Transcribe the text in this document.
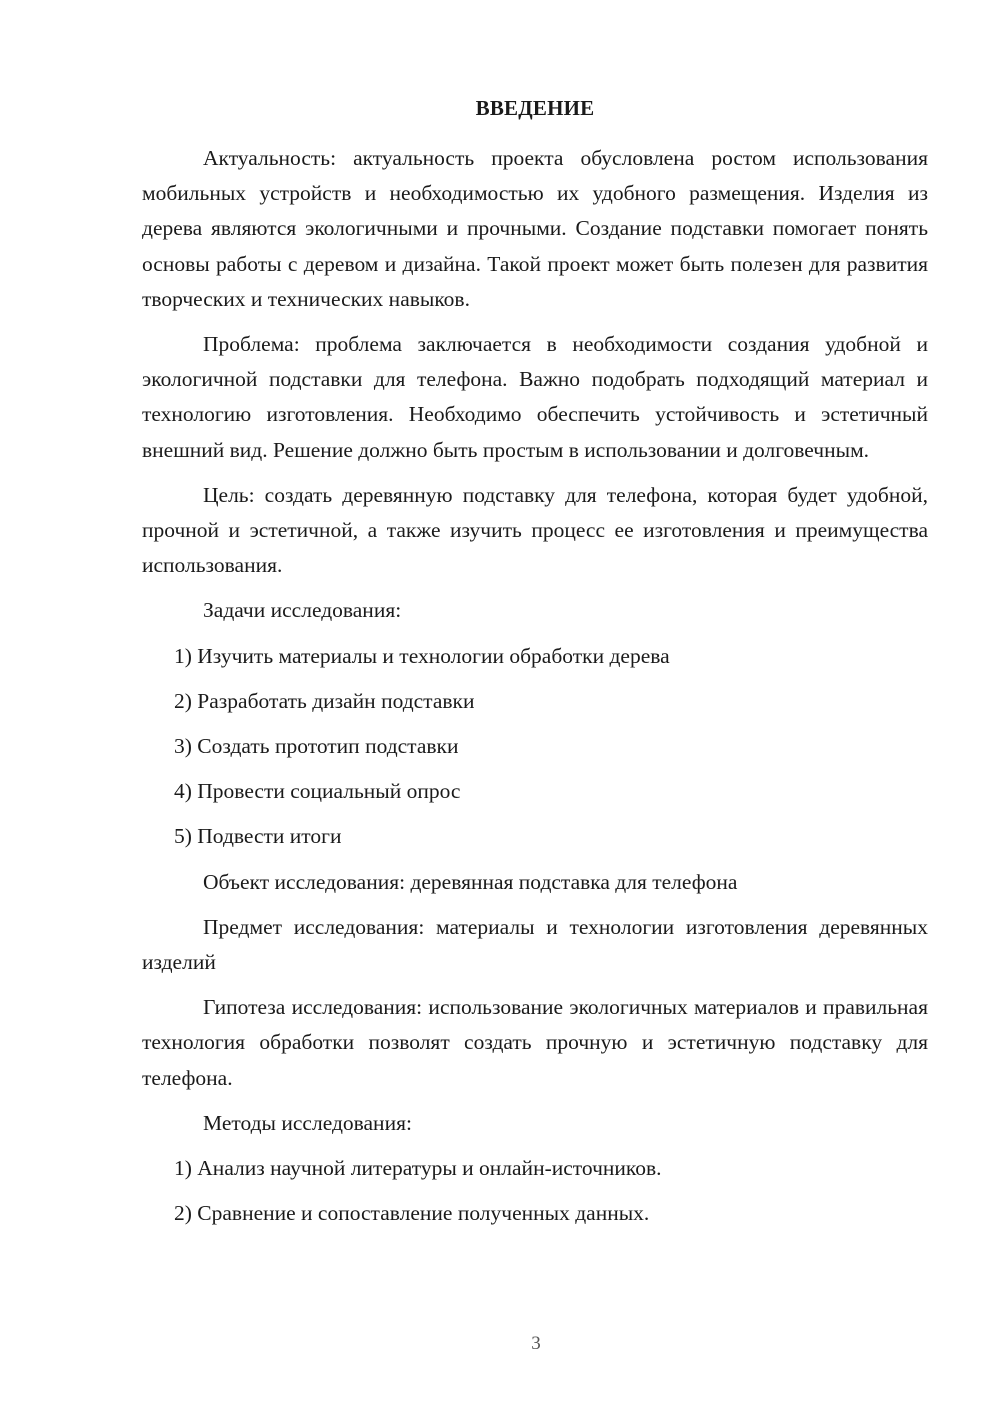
ВВЕДЕНИЕ

Актуальность: актуальность проекта обусловлена ростом использования мобильных устройств и необходимостью их удобного размещения. Изделия из дерева являются экологичными и прочными. Создание подставки помогает понять основы работы с деревом и дизайна. Такой проект может быть полезен для развития творческих и технических навыков.

Проблема: проблема заключается в необходимости создания удобной и экологичной подставки для телефона. Важно подобрать подходящий материал и технологию изготовления. Необходимо обеспечить устойчивость и эстетичный внешний вид. Решение должно быть простым в использовании и долговечным.

Цель: создать деревянную подставку для телефона, которая будет удобной, прочной и эстетичной, а также изучить процесс ее изготовления и преимущества использования.

Задачи исследования:

1) Изучить материалы и технологии обработки дерева

2) Разработать дизайн подставки

3) Создать прототип подставки

4) Провести социальный опрос

5) Подвести итоги

Объект исследования: деревянная подставка для телефона

Предмет исследования: материалы и технологии изготовления деревянных изделий

Гипотеза исследования: использование экологичных материалов и правильная технология обработки позволят создать прочную и эстетичную подставку для телефона.

Методы исследования:

1) Анализ научной литературы и онлайн-источников.

2) Сравнение и сопоставление полученных данных.

3
